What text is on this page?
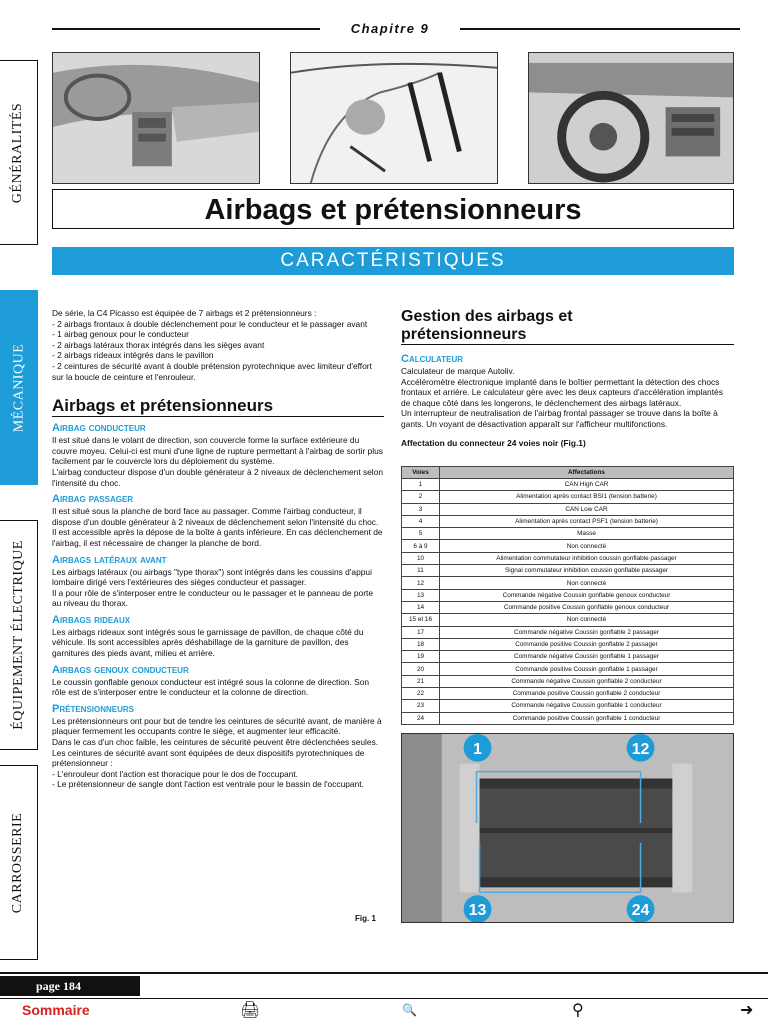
Chapitre 9
GÉNÉRALITÉS
MÉCANIQUE
ÉQUIPEMENT ÉLECTRIQUE
CARROSSERIE
Airbags et prétensionneurs
CARACTÉRISTIQUES

De série, la C4 Picasso est équipée de 7 airbags et 2 prétensionneurs :

- 2 airbags frontaux à double déclenchement pour le conducteur et le passager avant

- 1 airbag genoux pour le conducteur

- 2 airbags latéraux thorax intégrés dans les sièges avant

- 2 airbags rideaux intégrés dans le pavillon

- 2 ceintures de sécurité avant à double prétension pyrotechnique avec limiteur d'effort sur la boucle de ceinture et l'enrouleur.

Airbags et prétensionneurs
Airbag conducteur

Il est situé dans le volant de direction, son couvercle forme la surface extérieure du couvre moyeu. Celui-ci est muni d'une ligne de rupture permettant à l'airbag de sortir plus facilement par le couvercle lors du déploiement du système.

L'airbag conducteur dispose d'un double générateur à 2 niveaux de déclenchement selon l'intensité du choc.

Airbag passager

Il est situé sous la planche de bord face au passager. Comme l'airbag conducteur, il dispose d'un double générateur à 2 niveaux de déclenchement selon l'intensité du choc.

Il est accessible après la dépose de la boîte à gants inférieure. En cas déclenchement de l'airbag, il est nécessaire de changer la planche de bord.

Airbags latéraux avant

Les airbags latéraux (ou airbags "type thorax") sont intégrés dans les coussins d'appui lombaire dirigé vers l'extérieures des sièges conducteur et passager.

Il a pour rôle de s'interposer entre le conducteur ou le passager et le panneau de porte au niveau du thorax.

Airbags rideaux

Les airbags rideaux sont intégrés sous le garnissage de pavillon, de chaque côté du véhicule. Ils sont accessibles après déshabillage de la garniture de pavillon, des garnitures des pieds avant, milieu et arrière.

Airbags genoux conducteur

Le coussin gonflable genoux conducteur est intégré sous la colonne de direction. Son rôle est de s'interposer entre le conducteur et la colonne de direction.

Prétensionneurs

Les prétensionneurs ont pour but de tendre les ceintures de sécurité avant, de manière à plaquer fermement les occupants contre le siège, et augmenter leur efficacité.

Dans le cas d'un choc faible, les ceintures de sécurité peuvent être déclenchées seules.

Les ceintures de sécurité avant sont équipées de deux dispositifs pyrotechniques de prétensionneur :

- L'enrouleur dont l'action est thoracique pour le dos de l'occupant.

- Le prétensionneur de sangle dont l'action est ventrale pour le bassin de l'occupant.

Gestion des airbags et prétensionneurs
Calculateur

Calculateur de marque Autoliv.

Accéléromètre électronique implanté dans le boîtier permettant la détection des chocs frontaux et arrière. Le calculateur gère avec les deux capteurs d'accélération implantés de chaque côté dans les longerons, le déclenchement des airbags latéraux.

Un interrupteur de neutralisation de l'airbag frontal passager se trouve dans la boîte à gants. Un voyant de désactivation apparaît sur l'afficheur multifonctions.

Affectation du connecteur 24 voies noir (Fig.1)

Voies	Affectations
1	CAN High CAR
2	Alimentation après contact BSI1 (tension batterie)
3	CAN Low CAR
4	Alimentation après contact PSF1 (tension batterie)
5	Masse
6 à 9	Non connecté
10	Alimentation commutateur inhibition coussin gonflable passager
11	Signal commutateur inhibition coussin gonflable passager
12	Non connecté
13	Commande négative Coussin gonflable genoux conducteur
14	Commande positive Coussin gonflable genoux conducteur
15 et 16	Non connecté
17	Commande négative Coussin gonflable 2 passager
18	Commande positive Coussin gonflable 2 passager
19	Commande négative Coussin gonflable 1 passager
20	Commande positive Coussin gonflable 1 passager
21	Commande négative Coussin gonflable 2 conducteur
22	Commande positive Coussin gonflable 2 conducteur
23	Commande négative Coussin gonflable 1 conducteur
24	Commande positive Coussin gonflable 1 conducteur
1	12
13	24
Fig. 1
page 184
Sommaire	🖨	🔍	⚲	➜
